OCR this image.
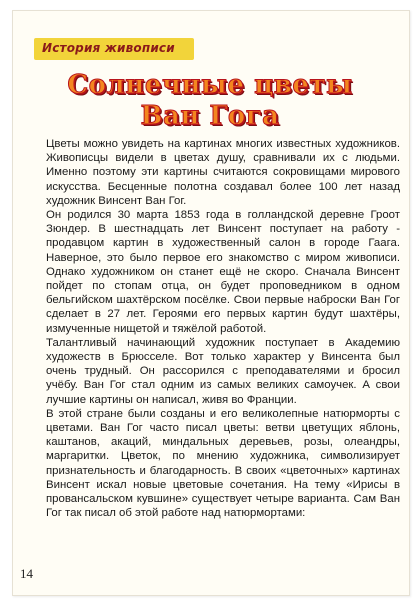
История живописи
Солнечные цветы
Ван Гога

Цветы можно увидеть на картинах многих известных художников. Живописцы видели в цветах душу, сравнивали их с людьми. Именно поэтому эти картины считаются сокровищами мирового искусства. Бесценные полотна создавал более 100 лет назад художник Винсент Ван Гог.

Он родился 30 марта 1853 года в голландской деревне Гроот Зюндер. В шестнадцать лет Винсент поступает на работу - продавцом картин в художественный салон в городе Гаага. Наверное, это было первое его знакомство с миром живописи. Однако художником он станет ещё не скоро. Сначала Винсент пойдет по стопам отца, он будет проповедником в одном бельгийском шахтёрском посёлке. Свои первые наброски Ван Гог сделает в 27 лет. Героями его первых картин будут шахтёры, измученные нищетой и тяжёлой работой.

Талантливый начинающий художник поступает в Академию художеств в Брюсселе. Вот только характер у Винсента был очень трудный. Он рассорился с преподавателями и бросил учёбу. Ван Гог стал одним из самых великих самоучек. А свои лучшие картины он написал, живя во Франции.

В этой стране были созданы и его великолепные натюрморты с цветами. Ван Гог часто писал цветы: ветви цветущих яблонь, каштанов, акаций, миндальных деревьев, розы, олеандры, маргаритки. Цветок, по мнению художника, символизирует признательность и благодарность. В своих «цветочных» картинах Винсент искал новые цветовые сочетания. На тему «Ирисы в провансальском кувшине» существует четыре варианта. Сам Ван Гог так писал об этой работе над натюрмортами:

14
